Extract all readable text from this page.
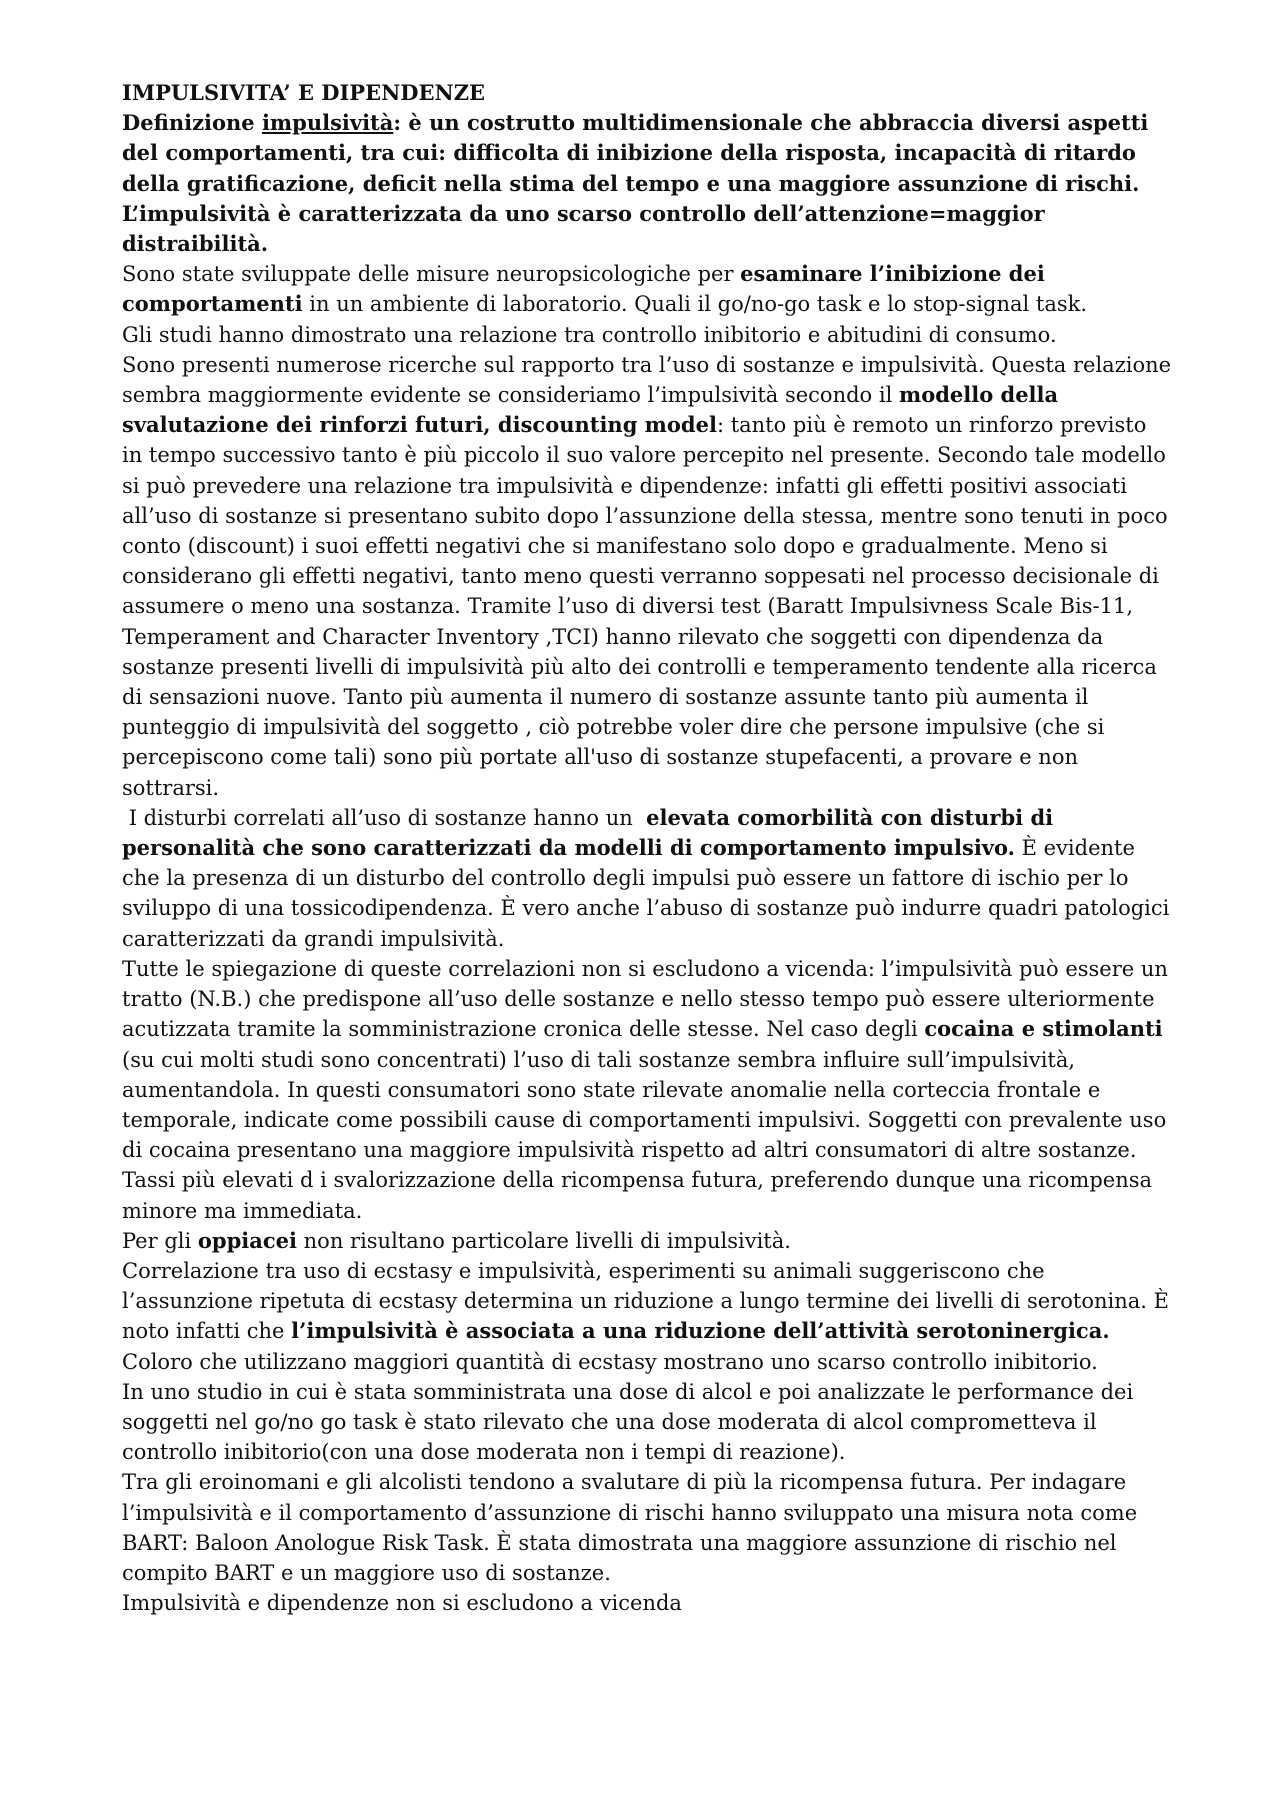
IMPULSIVITA’ E DIPENDENZE

Definizione impulsività: è un costrutto multidimensionale che abbraccia diversi aspetti del comportamenti, tra cui: difficolta di inibizione della risposta, incapacità di ritardo della gratificazione, deficit nella stima del tempo e una maggiore assunzione di rischi. L’impulsività è caratterizzata da uno scarso controllo dell’attenzione=maggior distraibilità.

Sono state sviluppate delle misure neuropsicologiche per esaminare l’inibizione dei comportamenti in un ambiente di laboratorio. Quali il go/no-go task e lo stop-signal task.

Gli studi hanno dimostrato una relazione tra controllo inibitorio e abitudini di consumo.

Sono presenti numerose ricerche sul rapporto tra l’uso di sostanze e impulsività. Questa relazione sembra maggiormente evidente se consideriamo l’impulsività secondo il modello della svalutazione dei rinforzi futuri, discounting model: tanto più è remoto un rinforzo previsto in tempo successivo tanto è più piccolo il suo valore percepito nel presente. Secondo tale modello si può prevedere una relazione tra impulsività e dipendenze: infatti gli effetti positivi associati all’uso di sostanze si presentano subito dopo l’assunzione della stessa, mentre sono tenuti in poco conto (discount) i suoi effetti negativi che si manifestano solo dopo e gradualmente. Meno si considerano gli effetti negativi, tanto meno questi verranno soppesati nel processo decisionale di assumere o meno una sostanza. Tramite l’uso di diversi test (Baratt Impulsivness Scale Bis-11, Temperament and Character Inventory ,TCI) hanno rilevato che soggetti con dipendenza da sostanze presenti livelli di impulsività più alto dei controlli e temperamento tendente alla ricerca di sensazioni nuove. Tanto più aumenta il numero di sostanze assunte tanto più aumenta il punteggio di impulsività del soggetto , ciò potrebbe voler dire che persone impulsive (che si percepiscono come tali) sono più portate all'uso di sostanze stupefacenti, a provare e non sottrarsi.

I disturbi correlati all’uso di sostanze hanno un  elevata comorbilità con disturbi di personalità che sono caratterizzati da modelli di comportamento impulsivo. È evidente che la presenza di un disturbo del controllo degli impulsi può essere un fattore di ischio per lo sviluppo di una tossicodipendenza. È vero anche l’abuso di sostanze può indurre quadri patologici caratterizzati da grandi impulsività.

Tutte le spiegazione di queste correlazioni non si escludono a vicenda: l’impulsività può essere un tratto (N.B.) che predispone all’uso delle sostanze e nello stesso tempo può essere ulteriormente acutizzata tramite la somministrazione cronica delle stesse. Nel caso degli cocaina e stimolanti (su cui molti studi sono concentrati) l’uso di tali sostanze sembra influire sull’impulsività, aumentandola. In questi consumatori sono state rilevate anomalie nella corteccia frontale e temporale, indicate come possibili cause di comportamenti impulsivi. Soggetti con prevalente uso di cocaina presentano una maggiore impulsività rispetto ad altri consumatori di altre sostanze. Tassi più elevati d i svalorizzazione della ricompensa futura, preferendo dunque una ricompensa minore ma immediata.

Per gli oppiacei non risultano particolare livelli di impulsività.

Correlazione tra uso di ecstasy e impulsività, esperimenti su animali suggeriscono che l’assunzione ripetuta di ecstasy determina un riduzione a lungo termine dei livelli di serotonina. È noto infatti che l’impulsività è associata a una riduzione dell’attività serotoninergica. Coloro che utilizzano maggiori quantità di ecstasy mostrano uno scarso controllo inibitorio.

In uno studio in cui è stata somministrata una dose di alcol e poi analizzate le performance dei soggetti nel go/no go task è stato rilevato che una dose moderata di alcol comprometteva il controllo inibitorio(con una dose moderata non i tempi di reazione).

Tra gli eroinomani e gli alcolisti tendono a svalutare di più la ricompensa futura. Per indagare l’impulsività e il comportamento d’assunzione di rischi hanno sviluppato una misura nota come BART: Baloon Anologue Risk Task. È stata dimostrata una maggiore assunzione di rischio nel compito BART e un maggiore uso di sostanze.

Impulsività e dipendenze non si escludono a vicenda
